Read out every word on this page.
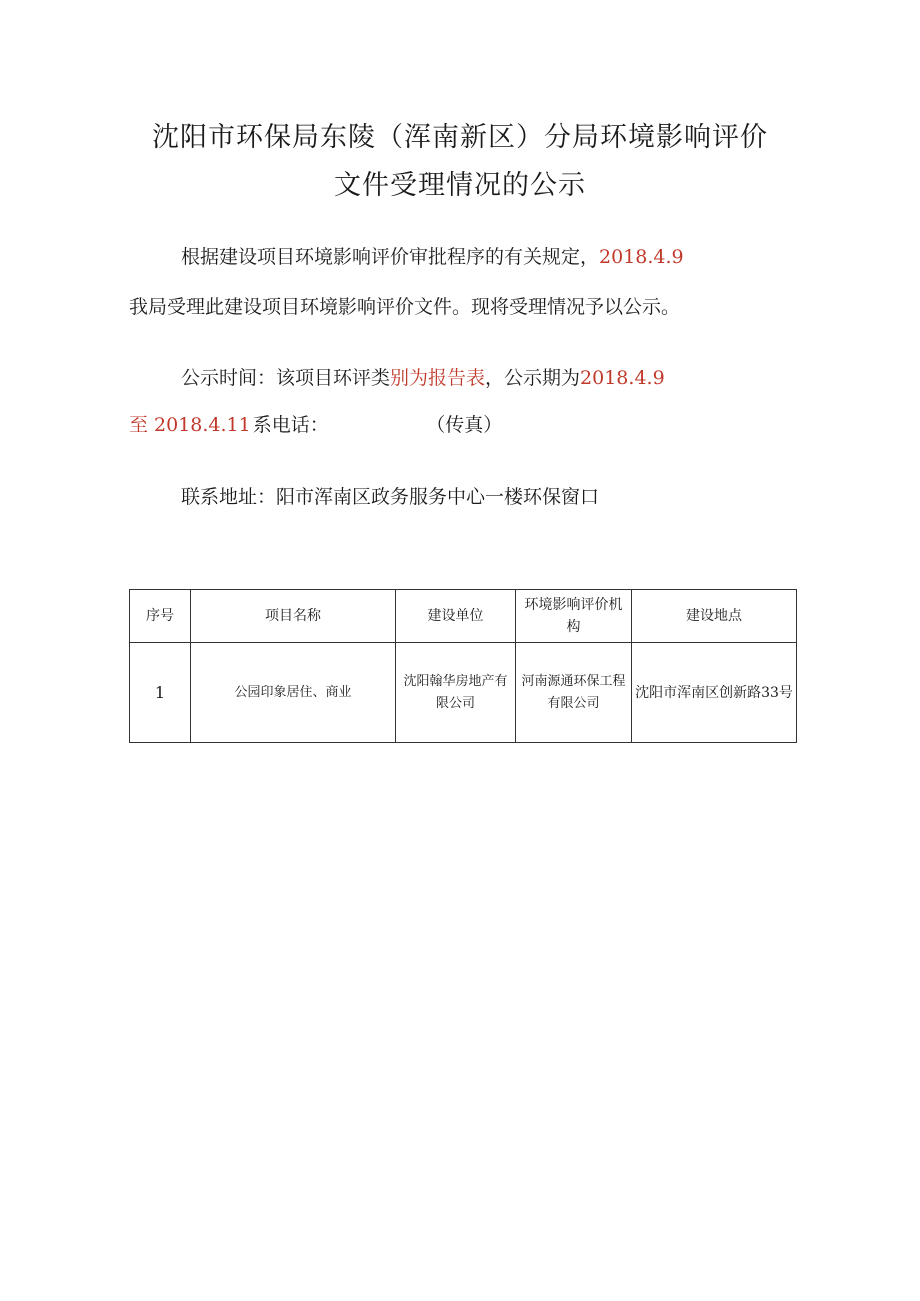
沈阳市环保局东陵（浑南新区）分局环境影响评价
文件受理情况的公示
根据建设项目环境影响评价审批程序的有关规定，2018.4.9
我局受理此建设项目环境影响评价文件。现将受理情况予以公示。
公示时间：该项目环评类别为报告表，公示期为2018.4.9
至 2018.4.11 系电话：	（传真）
联系地址：阳市浑南区政务服务中心一楼环保窗口
序号	项目名称	建设单位	环境影响评价机构	建设地点
1	公园印象居住、商业	沈阳翰华房地产有限公司	河南源通环保工程有限公司	沈阳市浑南区创新路33号
